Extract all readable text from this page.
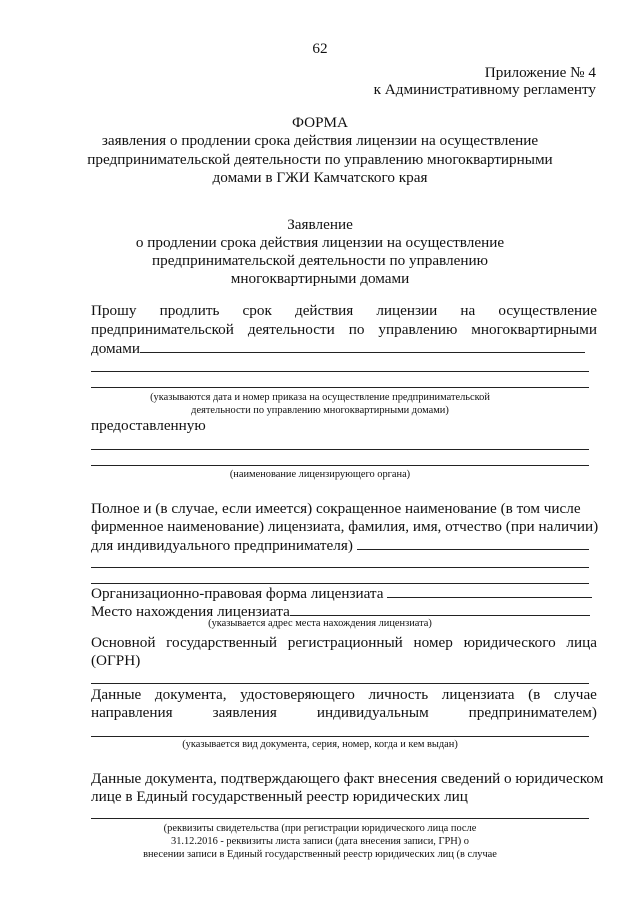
62
Приложение № 4
к Административному регламенту
ФОРМА
заявления о продлении срока действия лицензии на осуществление
предпринимательской деятельности по управлению многоквартирными
домами в ГЖИ Камчатского края
Заявление
о продлении срока действия лицензии на осуществление
предпринимательской деятельности по управлению
многоквартирными домами
Прошу продлить срок действия лицензии на осуществление
предпринимательской деятельности по управлению многоквартирными
домами
(указываются дата и номер приказа на осуществление предпринимательской
деятельности по управлению многоквартирными домами)
предоставленную
(наименование лицензирующего органа)
Полное и (в случае, если имеется) сокращенное наименование (в том числе
фирменное наименование) лицензиата, фамилия, имя, отчество (при наличии)
для индивидуального предпринимателя)
Организационно-правовая форма лицензиата
Место нахождения лицензиата
(указывается адрес места нахождения лицензиата)
Основной государственный регистрационный номер юридического лица
(ОГРН)
Данные документа, удостоверяющего личность лицензиата (в случае
направления	заявления	индивидуальным	предпринимателем)
(указывается вид документа, серия, номер, когда и кем выдан)
Данные документа, подтверждающего факт внесения сведений о юридическом
лице в Единый государственный реестр юридических лиц
(реквизиты свидетельства (при регистрации юридического лица после
31.12.2016 - реквизиты листа записи (дата внесения записи, ГРН) о
внесении записи в Единый государственный реестр юридических лиц (в случае
